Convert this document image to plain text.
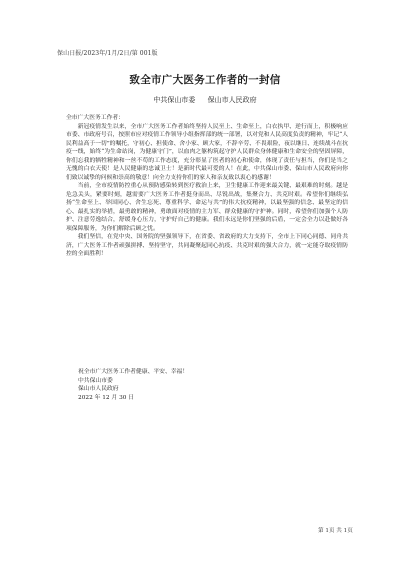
保山日报/2023年/1月/2日/第 001版
致全市广大医务工作者的一封信
中共保山市委 保山市人民政府

全市广大医务工作者：

新冠疫情发生以来，全市广大医务工作者始终坚持人民至上、生命至上，白衣执甲、逆行而上，积极响应市委、市政府号召，按照市应对疫情工作领导小组指挥部的统一部署，以对党和人民高度负责的精神，牢记“人民利益高于一切”的嘱托，守初心、担使命、舍小家、顾大家，不辞辛劳、不畏艰险，夜以继日、连续战斗在抗疫一线，始终“为生命站岗，为健康守门”，以血肉之躯构筑起守护人民群众身体健康和生命安全的坚固屏障，你们忘我的牺牲精神和一丝不苟的工作态度，充分彰显了医者的初心和使命，体现了责任与担当，你们是当之无愧的白衣天使！是人民健康的忠诚卫士！是新时代最可爱的人！在此，中共保山市委、保山市人民政府向你们致以诚挚的问候和崇高的敬意！向全力支持你们的家人和亲友致以衷心的感谢！

当前，全市疫情防控重心从预防感染转到医疗救治上来，卫生健康工作迎来最关键、最艰难的时刻。越是危急关头，紧要时刻，越需要广大医务工作者挺身而出、尽锐出战，集聚合力、共克时艰。希望你们继续弘扬“生命至上、举国同心、舍生忘死、尊重科学、命运与共”的伟大抗疫精神，以最坚强的信念、最坚定的信心、最扎实的举措，最勇敢的精神，勇敢面对疫情的主力军、群众健康的守护神。同时，希望你们加强个人防护、注意劳逸结合，舒缓身心压力，守护好自己的健康。我们永远是你们坚强的后盾，一定会全力以赴做好各项保障服务，为你们解除后顾之忧。

我们坚信，在党中央、国务院的坚强领导下，在省委、省政府的大力支持下，全市上下同心同德、同舟共济，广大医务工作者顽强拼搏、坚持坚守，共同凝聚起同心抗疫、共克时艰的强大合力，就一定能夺取疫情防控的全面胜利！

祝全市广大医务工作者健康、平安、幸福！
中共保山市委
保山市人民政府
2022 年 12 月 30 日
第 1页 共 1页
